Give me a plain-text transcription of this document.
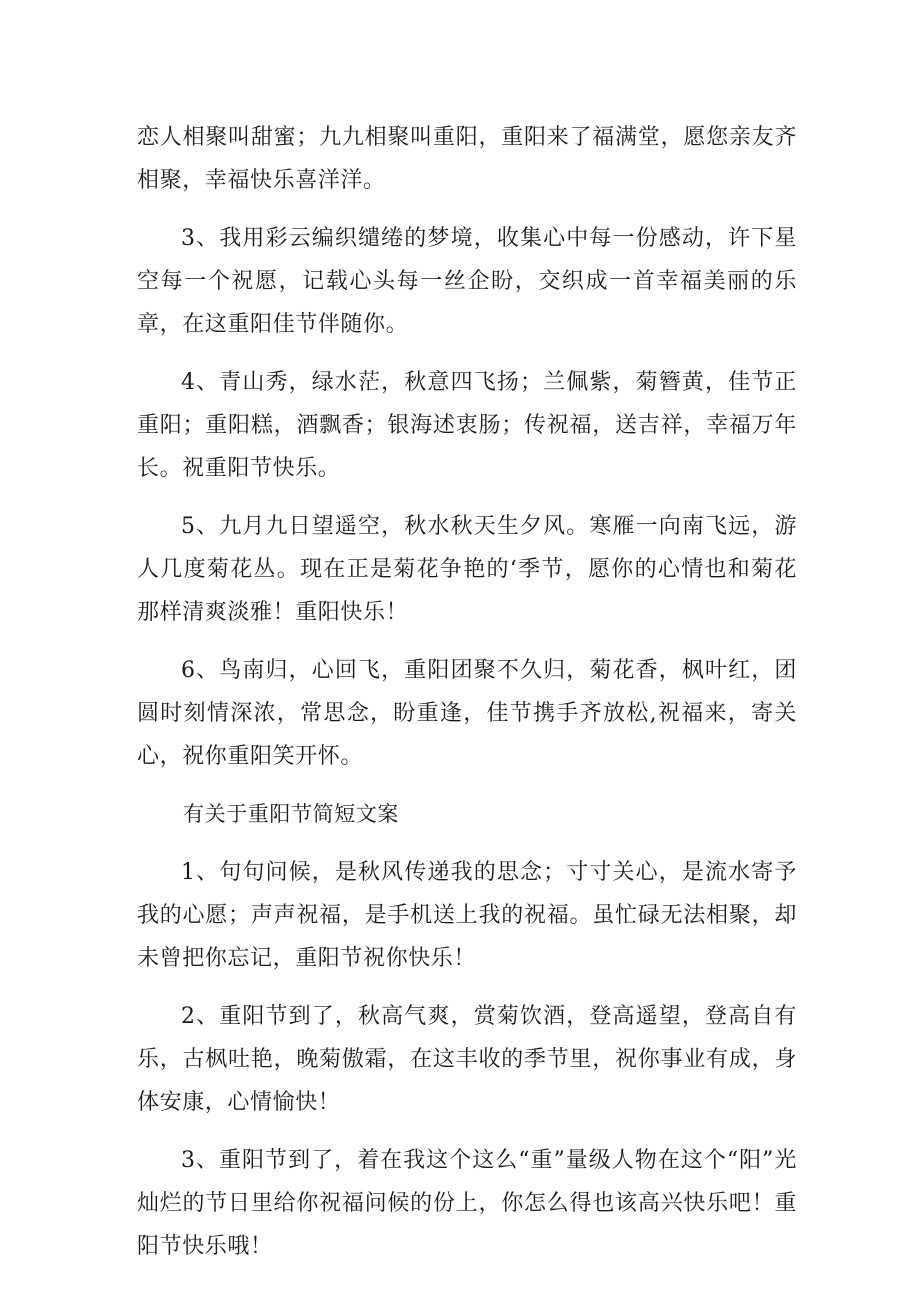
恋人相聚叫甜蜜；九九相聚叫重阳，重阳来了福满堂，愿您亲友齐相聚，幸福快乐喜洋洋。

3、我用彩云编织缱绻的梦境，收集心中每一份感动，许下星空每一个祝愿，记载心头每一丝企盼，交织成一首幸福美丽的乐章，在这重阳佳节伴随你。

4、青山秀，绿水茫，秋意四飞扬；兰佩紫，菊簪黄，佳节正重阳；重阳糕，酒飘香；银海述衷肠；传祝福，送吉祥，幸福万年长。祝重阳节快乐。

5、九月九日望遥空，秋水秋天生夕风。寒雁一向南飞远，游人几度菊花丛。现在正是菊花争艳的‘季节，愿你的心情也和菊花那样清爽淡雅！重阳快乐！

6、鸟南归，心回飞，重阳团聚不久归，菊花香，枫叶红，团圆时刻情深浓，常思念，盼重逢，佳节携手齐放松,祝福来，寄关心，祝你重阳笑开怀。

有关于重阳节简短文案

1、句句问候，是秋风传递我的思念；寸寸关心，是流水寄予我的心愿；声声祝福，是手机送上我的祝福。虽忙碌无法相聚，却未曾把你忘记，重阳节祝你快乐！

2、重阳节到了，秋高气爽，赏菊饮酒，登高遥望，登高自有乐，古枫吐艳，晚菊傲霜，在这丰收的季节里，祝你事业有成，身体安康，心情愉快！

3、重阳节到了，着在我这个这么“重”量级人物在这个“阳”光灿烂的节日里给你祝福问候的份上，你怎么得也该高兴快乐吧！重阳节快乐哦！
